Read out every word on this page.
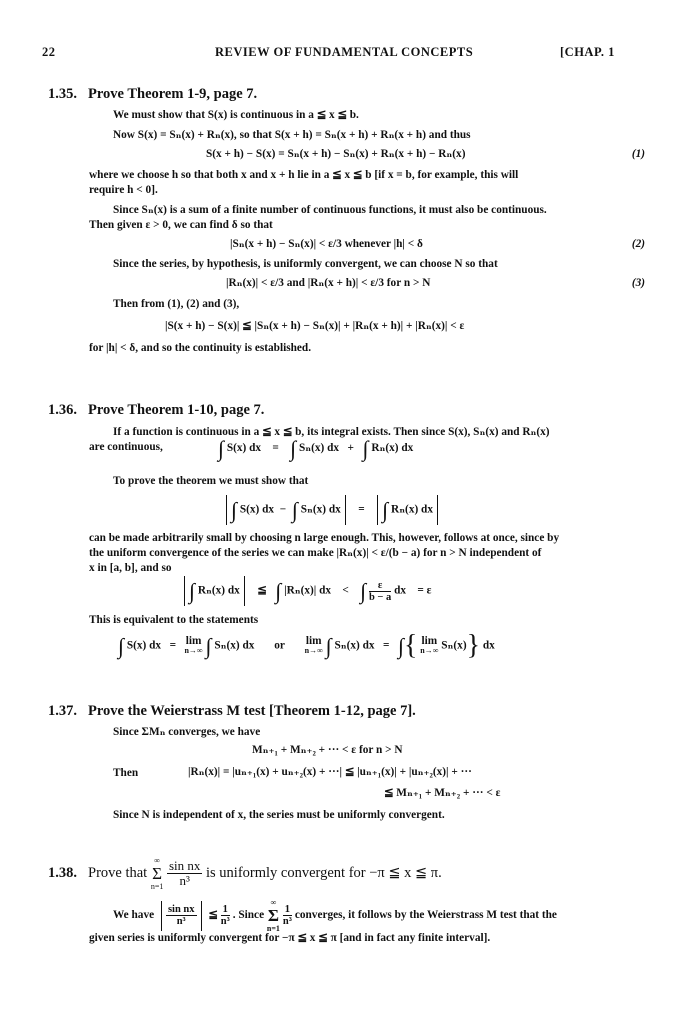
22	REVIEW OF FUNDAMENTAL CONCEPTS	[CHAP. 1
1.35. Prove Theorem 1-9, page 7.
We must show that S(x) is continuous in a ≦ x ≦ b.
Now S(x) = Sₙ(x) + Rₙ(x), so that S(x + h) = Sₙ(x + h) + Rₙ(x + h) and thus
S(x + h) − S(x) = Sₙ(x + h) − Sₙ(x) + Rₙ(x + h) − Rₙ(x)	(1)
where we choose h so that both x and x + h lie in a ≦ x ≦ b [if x = b, for example, this will
require h < 0].
Since Sₙ(x) is a sum of a finite number of continuous functions, it must also be continuous.
Then given ε > 0, we can find δ so that
|Sₙ(x + h) − Sₙ(x)| < ε/3 whenever |h| < δ	(2)
Since the series, by hypothesis, is uniformly convergent, we can choose N so that
|Rₙ(x)| < ε/3 and |Rₙ(x + h)| < ε/3 for n > N	(3)
Then from (1), (2) and (3),
|S(x + h) − S(x)| ≦ |Sₙ(x + h) − Sₙ(x)| + |Rₙ(x + h)| + |Rₙ(x)| < ε
for |h| < δ, and so the continuity is established.
1.36. Prove Theorem 1-10, page 7.
If a function is continuous in a ≦ x ≦ b, its integral exists. Then since S(x), Sₙ(x) and Rₙ(x)
are continuous,	∫ S(x) dx = ∫ Sₙ(x) dx + ∫ Rₙ(x) dx
To prove the theorem we must show that
∫ S(x) dx − ∫ Sₙ(x) dx = ∫ Rₙ(x) dx
can be made arbitrarily small by choosing n large enough. This, however, follows at once, since by
the uniform convergence of the series we can make |Rₙ(x)| < ε/(b − a) for n > N independent of
x in [a, b], and so
∫ Rₙ(x) dx ≦ ∫ |Rₙ(x)| dx < ∫ $\frac{\varepsilon}{b - a}$ dx = ε
This is equivalent to the statements
∫ S(x) dx = lim
n→∞ ∫ Sₙ(x) dx or lim
n→∞ ∫ Sₙ(x) dx = ∫{ lim
n→∞ Sₙ(x)} dx
1.37. Prove the Weierstrass M test [Theorem 1-12, page 7].
Since ΣMₙ converges, we have
Mₙ₊₁ + Mₙ₊₂ + ··· < ε for n > N
Then	|Rₙ(x)| = |uₙ₊₁(x) + uₙ₊₂(x) + ···| ≦ |uₙ₊₁(x)| + |uₙ₊₂(x)| + ···
≦ Mₙ₊₁ + Mₙ₊₂ + ··· < ε
Since N is independent of x, the series must be uniformly convergent.
1.38. Prove that ∞
Σ
$n=1 \frac{\text{sin nx}}{\text{n³}}$ is uniformly convergent for −π ≦ x ≦ π.
We have $\frac{\text{sin nx}}{\text{n³}}$ ≦ $\frac{1}{\text{n³}}$ . Since ∞
Σ
n=1
$\frac{1}{\text{n³}}$ converges, it follows by the Weierstrass M test that the
given series is uniformly convergent for −π ≦ x ≦ π [and in fact any finite interval].
